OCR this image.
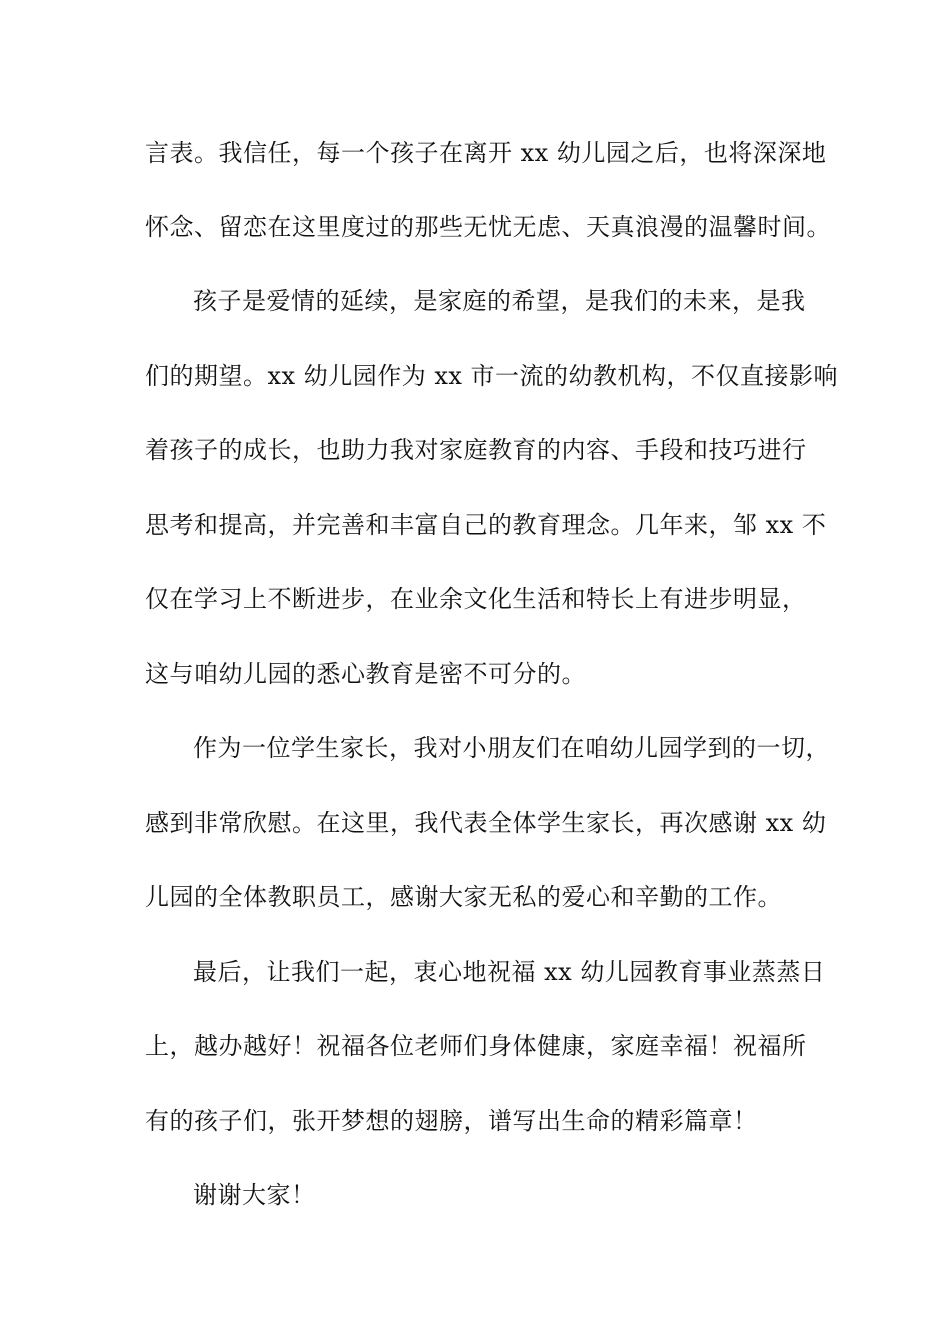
言表。我信任，每一个孩子在离开 xx 幼儿园之后，也将深深地
怀念、留恋在这里度过的那些无忧无虑、天真浪漫的温馨时间。
孩子是爱情的延续，是家庭的希望，是我们的未来，是我
们的期望。xx 幼儿园作为 xx 市一流的幼教机构，不仅直接影响
着孩子的成长，也助力我对家庭教育的内容、手段和技巧进行
思考和提高，并完善和丰富自己的教育理念。几年来，邹 xx 不
仅在学习上不断进步，在业余文化生活和特长上有进步明显，
这与咱幼儿园的悉心教育是密不可分的。
作为一位学生家长，我对小朋友们在咱幼儿园学到的一切，
感到非常欣慰。在这里，我代表全体学生家长，再次感谢 xx 幼
儿园的全体教职员工，感谢大家无私的爱心和辛勤的工作。
最后，让我们一起，衷心地祝福 xx 幼儿园教育事业蒸蒸日
上，越办越好！祝福各位老师们身体健康，家庭幸福！祝福所
有的孩子们，张开梦想的翅膀，谱写出生命的精彩篇章！
谢谢大家！
